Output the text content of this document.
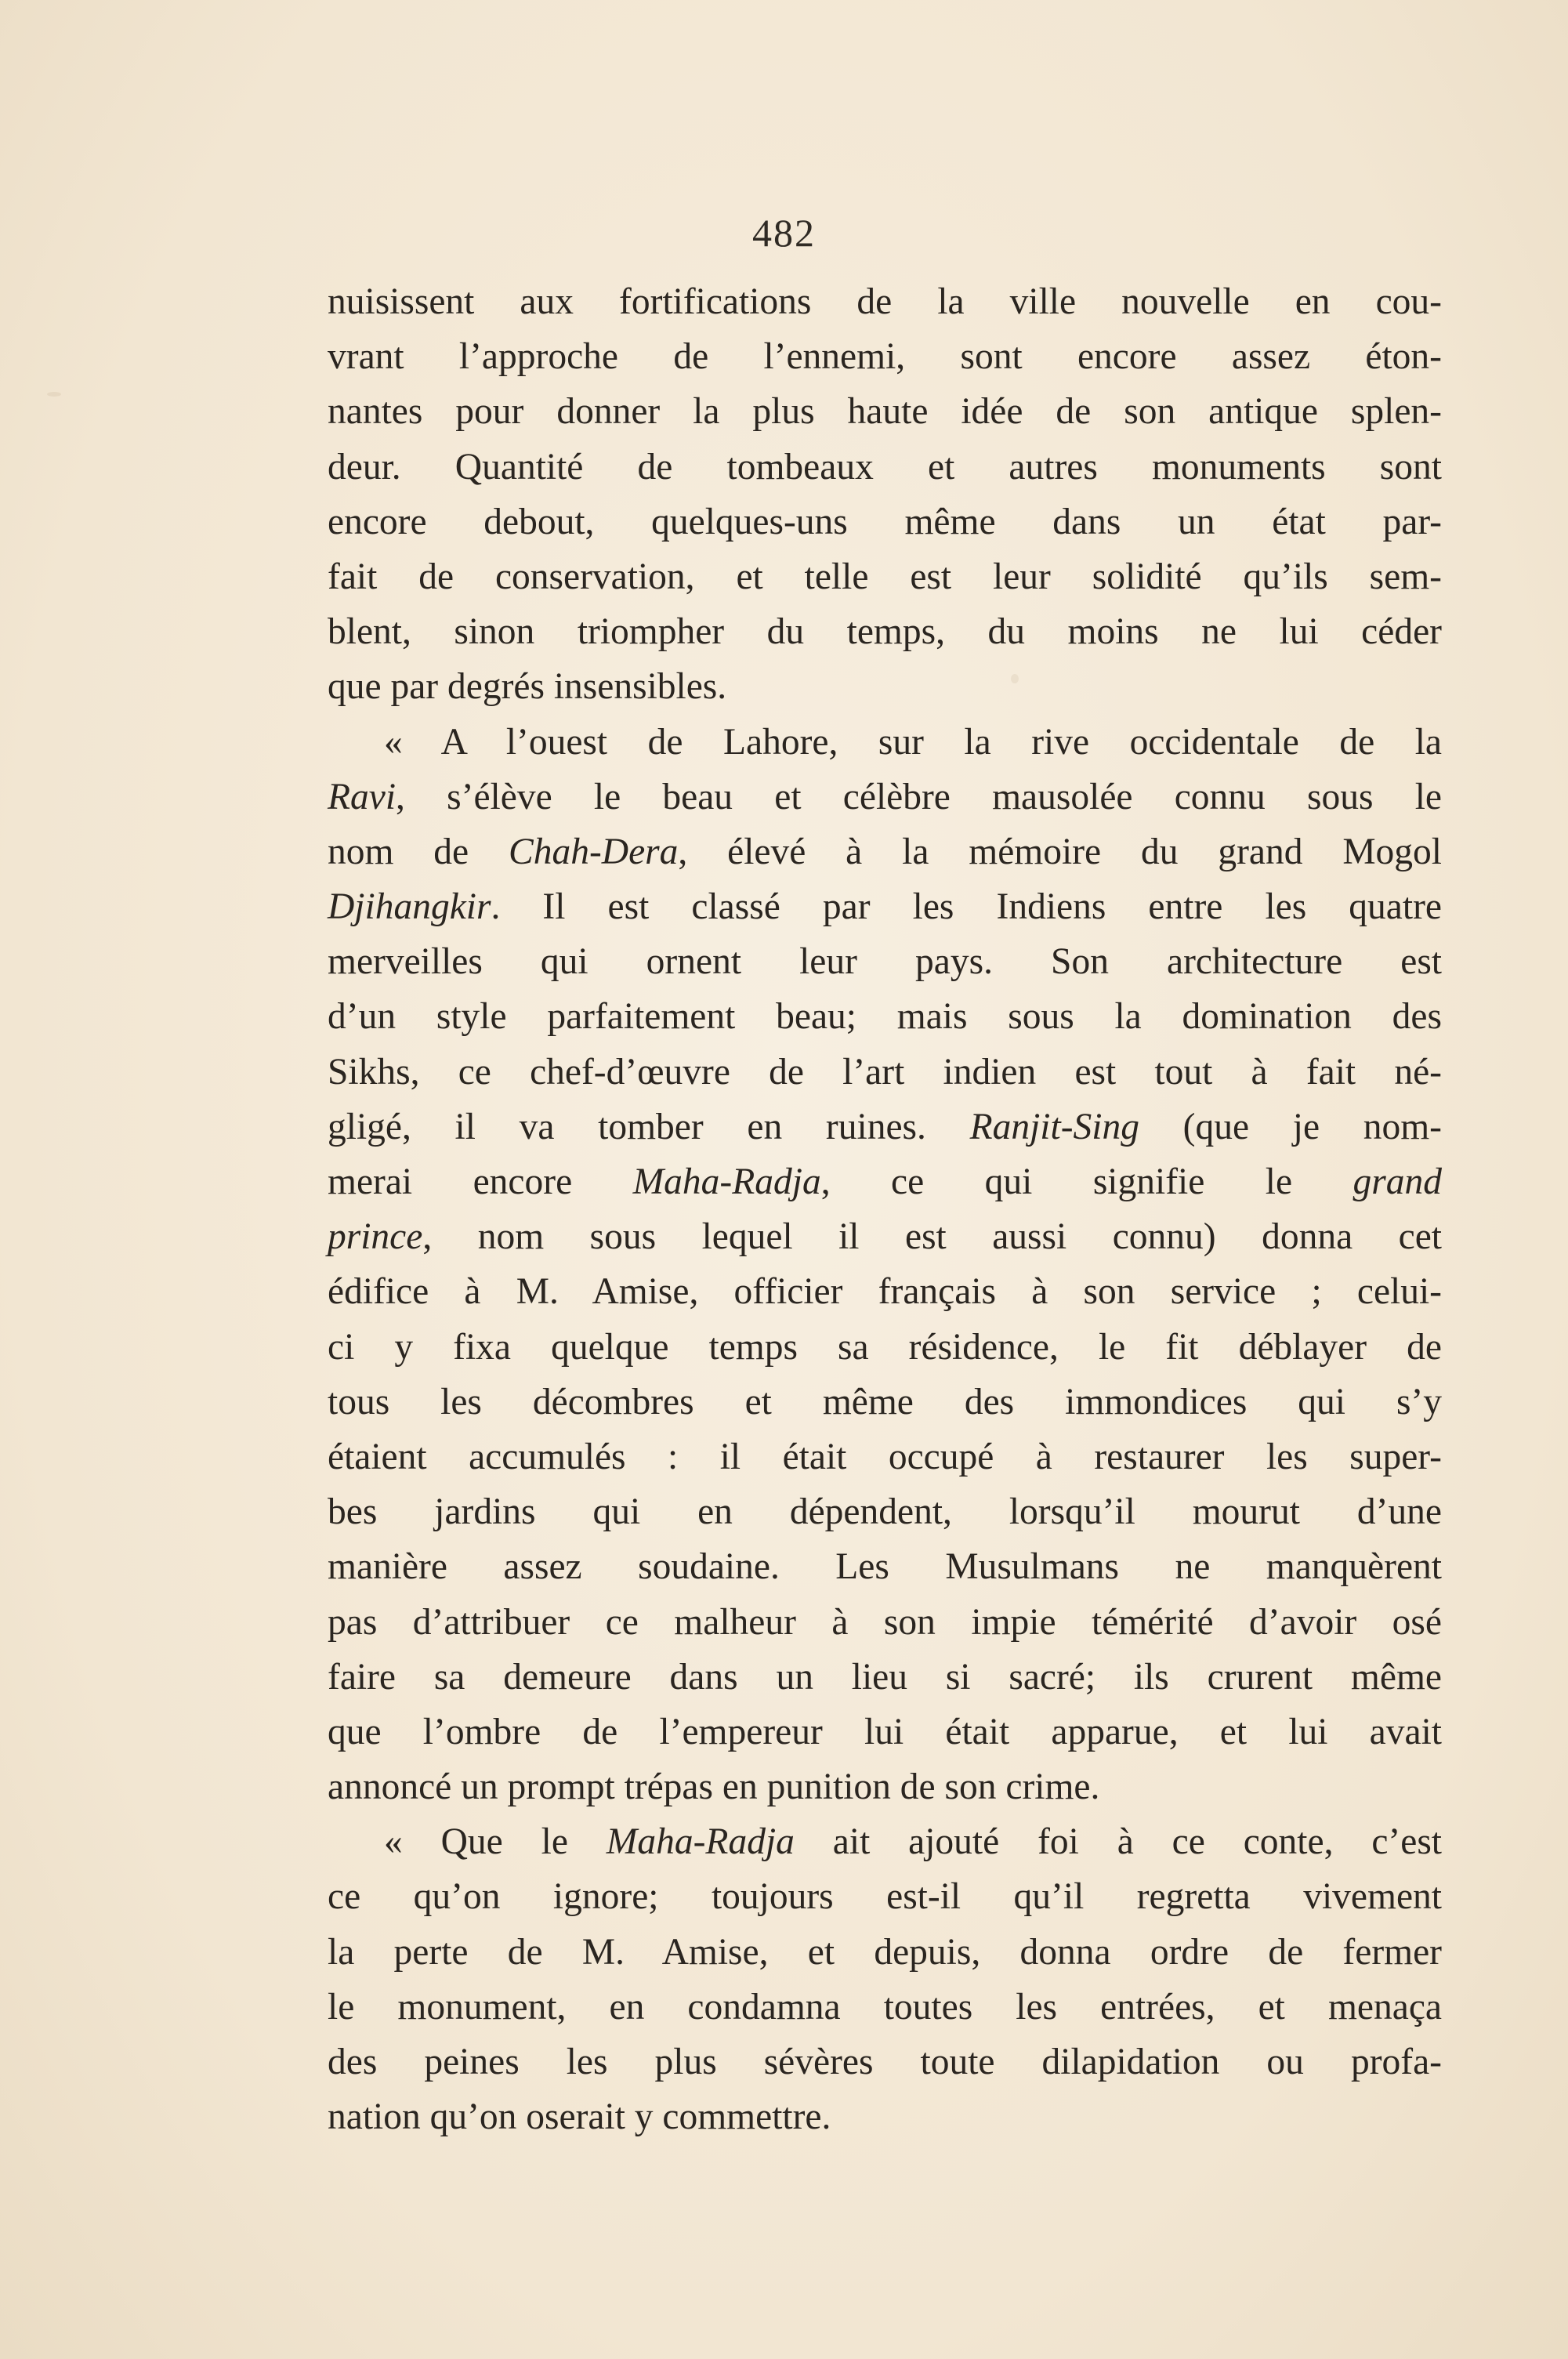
482
nuisissent aux fortifications de la ville nouvelle en cou-
vrant l’approche de l’ennemi, sont encore assez éton-
nantes pour donner la plus haute idée de son antique splen-
deur. Quantité de tombeaux et autres monuments sont
encore debout, quelques-uns même dans un état par-
fait de conservation, et telle est leur solidité qu’ils sem-
blent, sinon triompher du temps, du moins ne lui céder
que par degrés insensibles.
« A l’ouest de Lahore, sur la rive occidentale de la
Ravi, s’élève le beau et célèbre mausolée connu sous le
nom de Chah-Dera, élevé à la mémoire du grand Mogol
Djihangkir. Il est classé par les Indiens entre les quatre
merveilles qui ornent leur pays. Son architecture est
d’un style parfaitement beau; mais sous la domination des
Sikhs, ce chef-d’œuvre de l’art indien est tout à fait né-
gligé, il va tomber en ruines. Ranjit-Sing (que je nom-
merai encore Maha-Radja, ce qui signifie le grand
prince, nom sous lequel il est aussi connu) donna cet
édifice à M. Amise, officier français à son service ; celui-
ci y fixa quelque temps sa résidence, le fit déblayer de
tous les décombres et même des immondices qui s’y
étaient accumulés : il était occupé à restaurer les super-
bes jardins qui en dépendent, lorsqu’il mourut d’une
manière assez soudaine. Les Musulmans ne manquèrent
pas d’attribuer ce malheur à son impie témérité d’avoir osé
faire sa demeure dans un lieu si sacré; ils crurent même
que l’ombre de l’empereur lui était apparue, et lui avait
annoncé un prompt trépas en punition de son crime.
« Que le Maha-Radja ait ajouté foi à ce conte, c’est
ce qu’on ignore; toujours est-il qu’il regretta vivement
la perte de M. Amise, et depuis, donna ordre de fermer
le monument, en condamna toutes les entrées, et menaça
des peines les plus sévères toute dilapidation ou profa-
nation qu’on oserait y commettre.
